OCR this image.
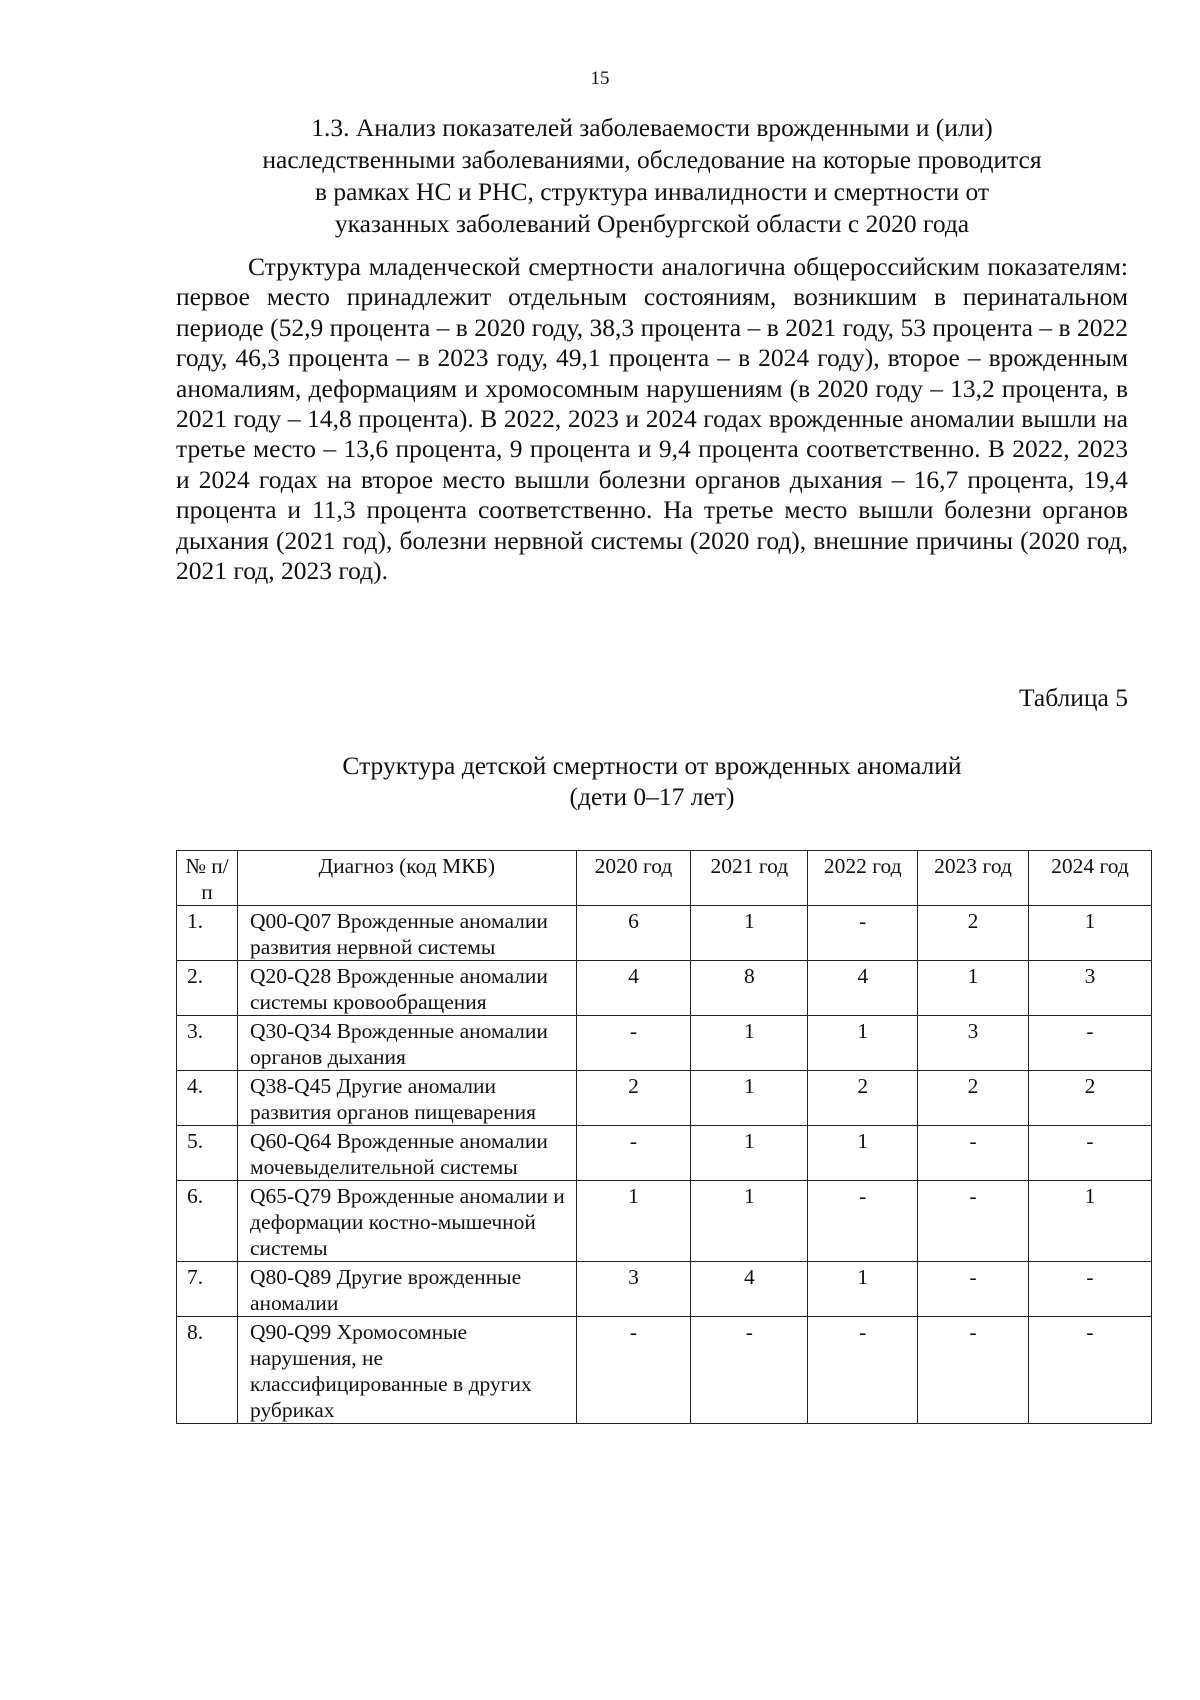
15
1.3. Анализ показателей заболеваемости врожденными и (или)
наследственными заболеваниями, обследование на которые проводится
в рамках НС и РНС, структура инвалидности и смертности от
указанных заболеваний Оренбургской области с 2020 года

Структура младенческой смертности аналогична общероссийским показателям: первое место принадлежит отдельным состояниям, возникшим в перинатальном периоде (52,9 процента – в 2020 году, 38,3 процента – в 2021 году, 53 процента – в 2022 году, 46,3 процента – в 2023 году, 49,1 процента – в 2024 году), второе – врожденным аномалиям, деформациям и хромосомным нарушениям (в 2020 году – 13,2 процента, в 2021 году – 14,8 процента). В 2022, 2023 и 2024 годах врожденные аномалии вышли на третье место – 13,6 процента, 9 процента и 9,4 процента соответственно. В 2022, 2023 и 2024 годах на второе место вышли болезни органов дыхания – 16,7 процента, 19,4 процента и 11,3 процента соответственно. На третье место вышли болезни органов дыхания (2021 год), болезни нервной системы (2020 год), внешние причины (2020 год, 2021 год, 2023 год).

Таблица 5
Структура детской смертности от врожденных аномалий
(дети 0–17 лет)
№ п/п	Диагноз (код МКБ)	2020 год	2021 год	2022 год	2023 год	2024 год
1.	Q00-Q07 Врожденные аномалии развития нервной системы	6	1	-	2	1
2.	Q20-Q28 Врожденные аномалии системы кровообращения	4	8	4	1	3
3.	Q30-Q34 Врожденные аномалии органов дыхания	-	1	1	3	-
4.	Q38-Q45 Другие аномалии развития органов пищеварения	2	1	2	2	2
5.	Q60-Q64 Врожденные аномалии мочевыделительной системы	-	1	1	-	-
6.	Q65-Q79 Врожденные аномалии и деформации костно-мышечной системы	1	1	-	-	1
7.	Q80-Q89 Другие врожденные аномалии	3	4	1	-	-
8.	Q90-Q99 Хромосомные нарушения, не классифицированные в других рубриках	-	-	-	-	-
